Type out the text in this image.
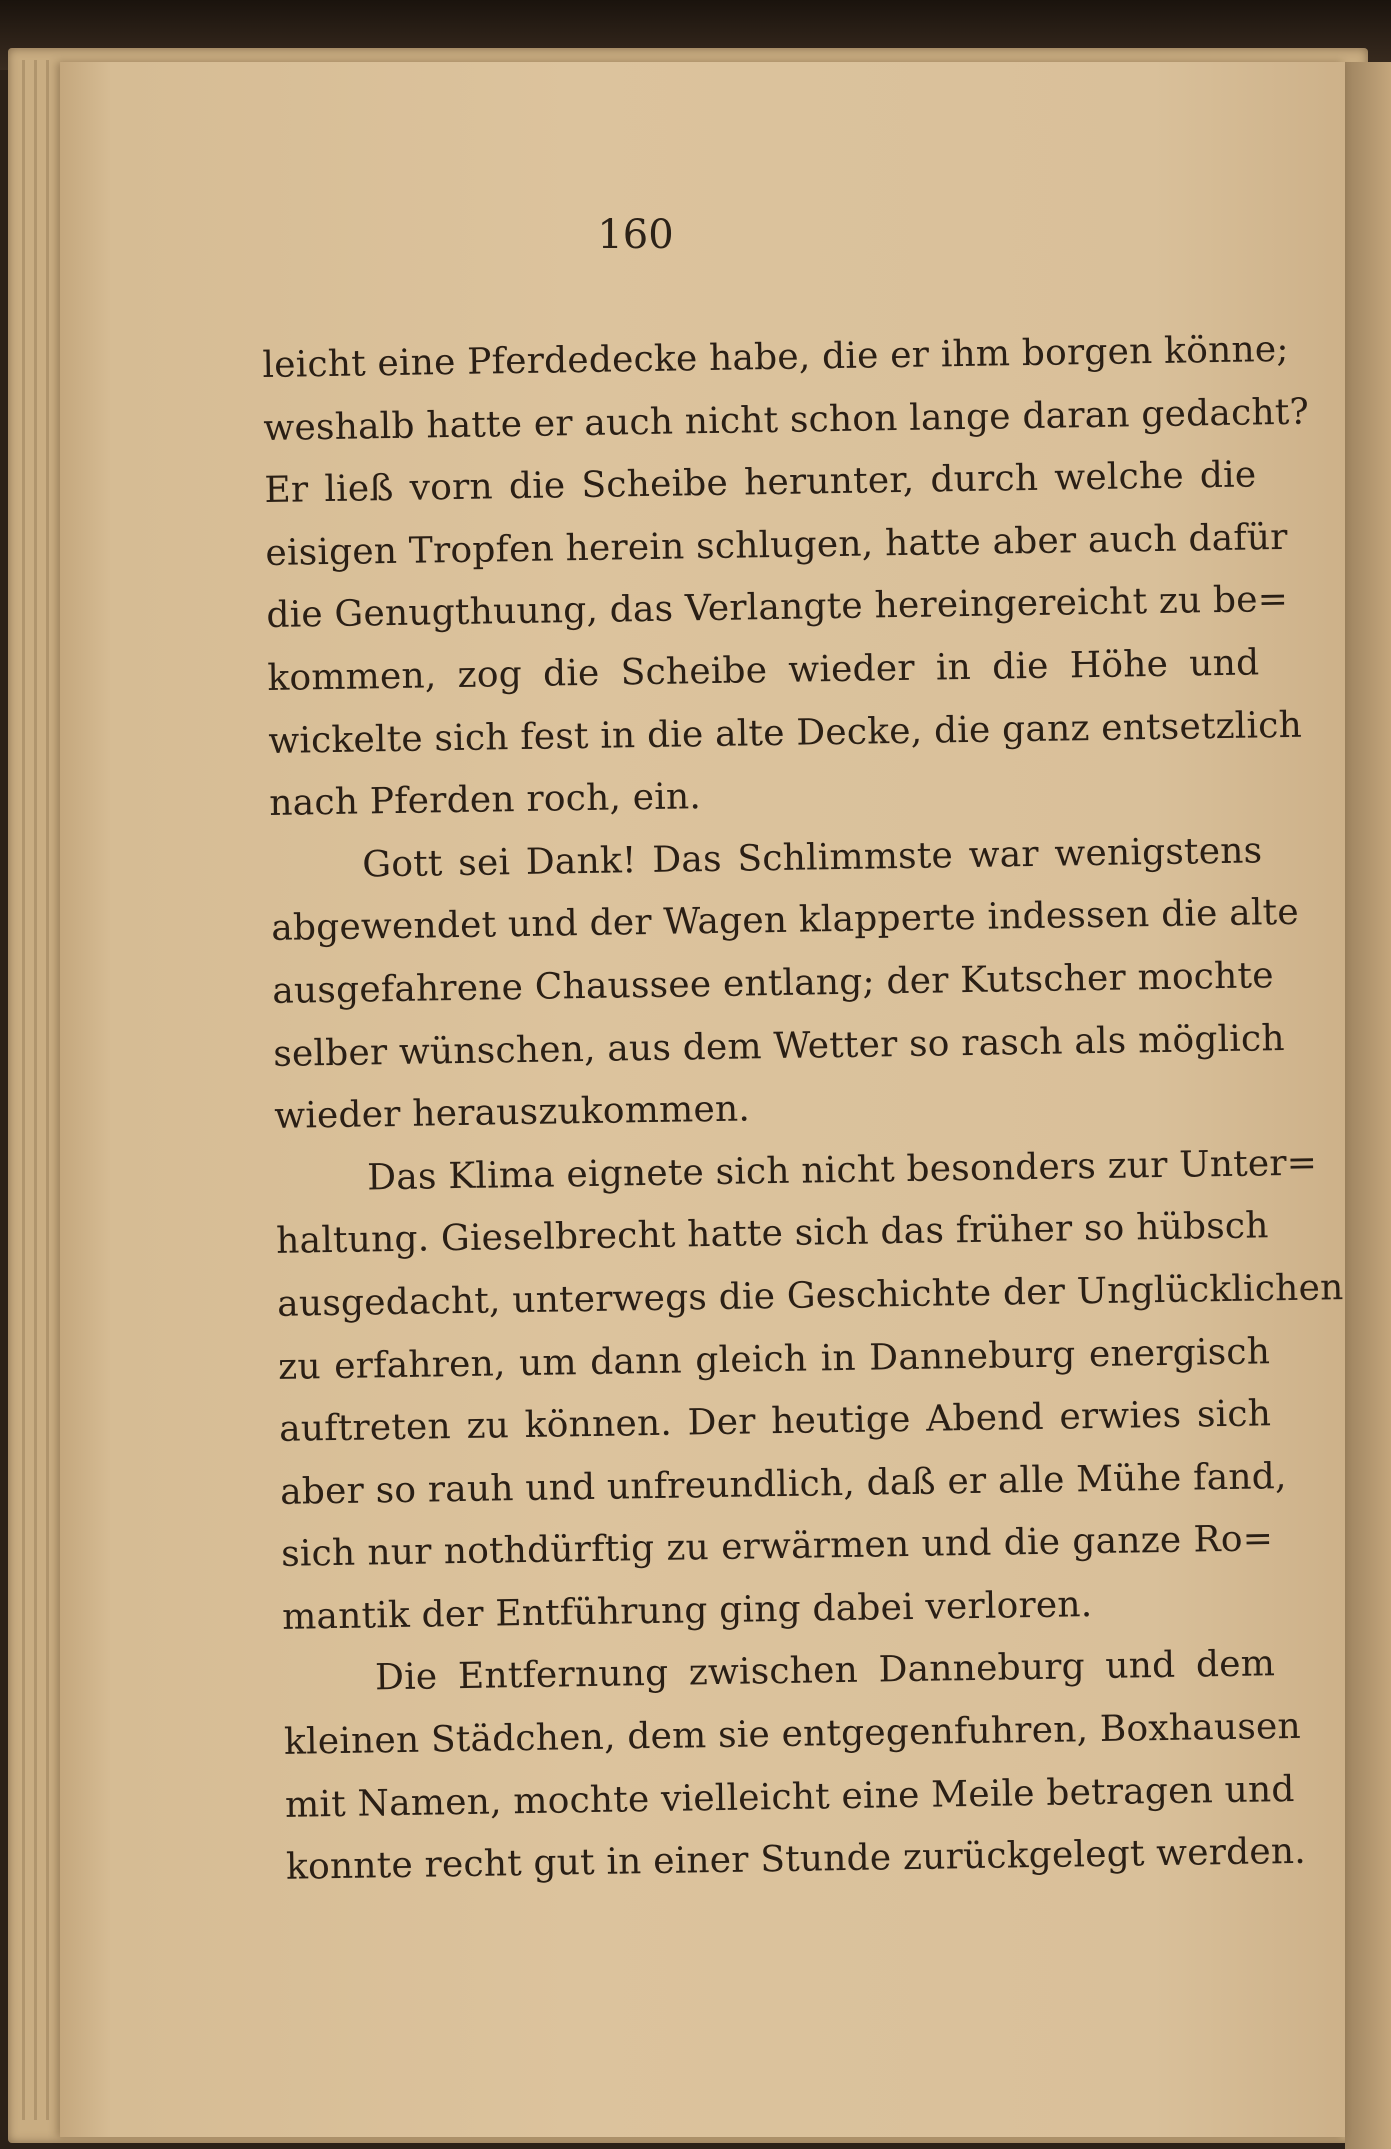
160
leicht eine Pferdedecke habe, die er ihm borgen könne;
weshalb hatte er auch nicht schon lange daran gedacht?
Er ließ vorn die Scheibe herunter, durch welche die
eisigen Tropfen herein schlugen, hatte aber auch dafür
die Genugthuung, das Verlangte hereingereicht zu be=
kommen, zog die Scheibe wieder in die Höhe und
wickelte sich fest in die alte Decke, die ganz entsetzlich
nach Pferden roch, ein.
Gott sei Dank! Das Schlimmste war wenigstens
abgewendet und der Wagen klapperte indessen die alte
ausgefahrene Chaussee entlang; der Kutscher mochte
selber wünschen, aus dem Wetter so rasch als möglich
wieder herauszukommen.
Das Klima eignete sich nicht besonders zur Unter=
haltung. Gieselbrecht hatte sich das früher so hübsch
ausgedacht, unterwegs die Geschichte der Unglücklichen
zu erfahren, um dann gleich in Danneburg energisch
auftreten zu können. Der heutige Abend erwies sich
aber so rauh und unfreundlich, daß er alle Mühe fand,
sich nur nothdürftig zu erwärmen und die ganze Ro=
mantik der Entführung ging dabei verloren.
Die Entfernung zwischen Danneburg und dem
kleinen Städchen, dem sie entgegenfuhren, Boxhausen
mit Namen, mochte vielleicht eine Meile betragen und
konnte recht gut in einer Stunde zurückgelegt werden.
